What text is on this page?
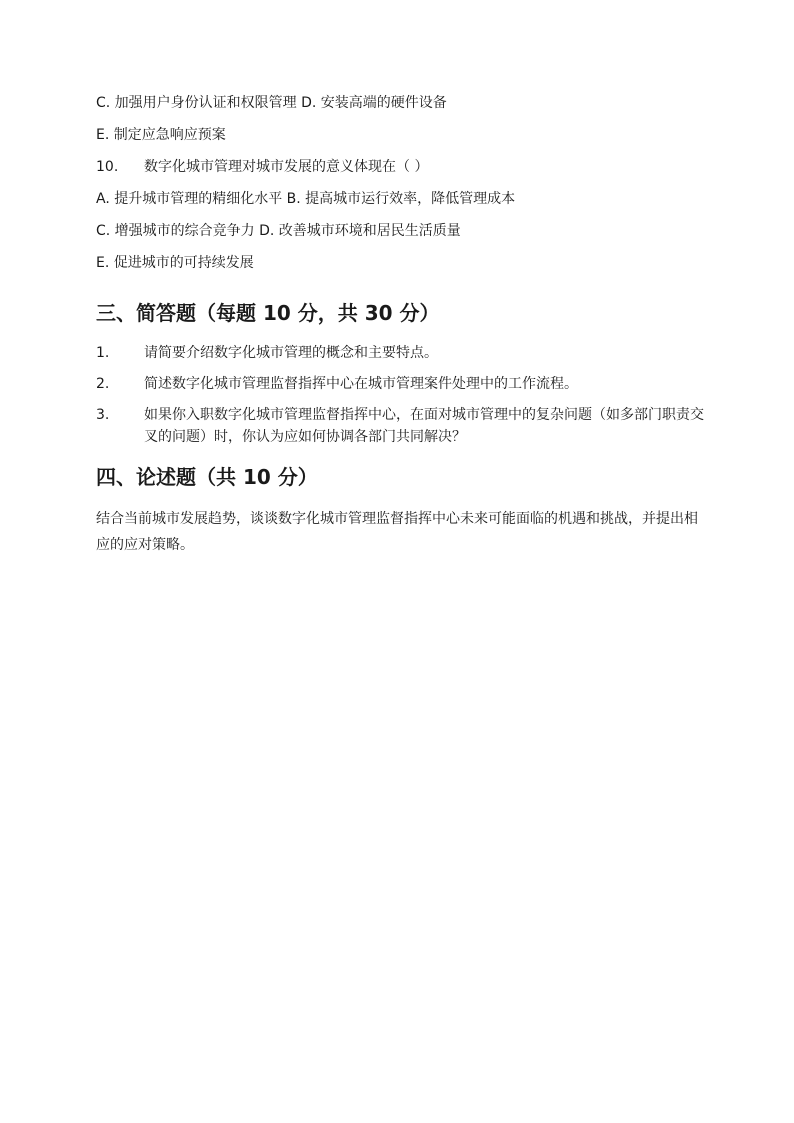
C. 加强用户身份认证和权限管理 D. 安装高端的硬件设备

E. 制定应急响应预案

10.	数字化城市管理对城市发展的意义体现在（ ）

A. 提升城市管理的精细化水平 B. 提高城市运行效率，降低管理成本

C. 增强城市的综合竞争力 D. 改善城市环境和居民生活质量

E. 促进城市的可持续发展

三、简答题（每题 10 分，共 30 分）
1.	请简要介绍数字化城市管理的概念和主要特点。
2.	简述数字化城市管理监督指挥中心在城市管理案件处理中的工作流程。
3.	如果你入职数字化城市管理监督指挥中心，在面对城市管理中的复杂问题（如多部门职责交叉的问题）时，你认为应如何协调各部门共同解决？
四、论述题（共 10 分）

结合当前城市发展趋势，谈谈数字化城市管理监督指挥中心未来可能面临的机遇和挑战，并提出相应的应对策略。
